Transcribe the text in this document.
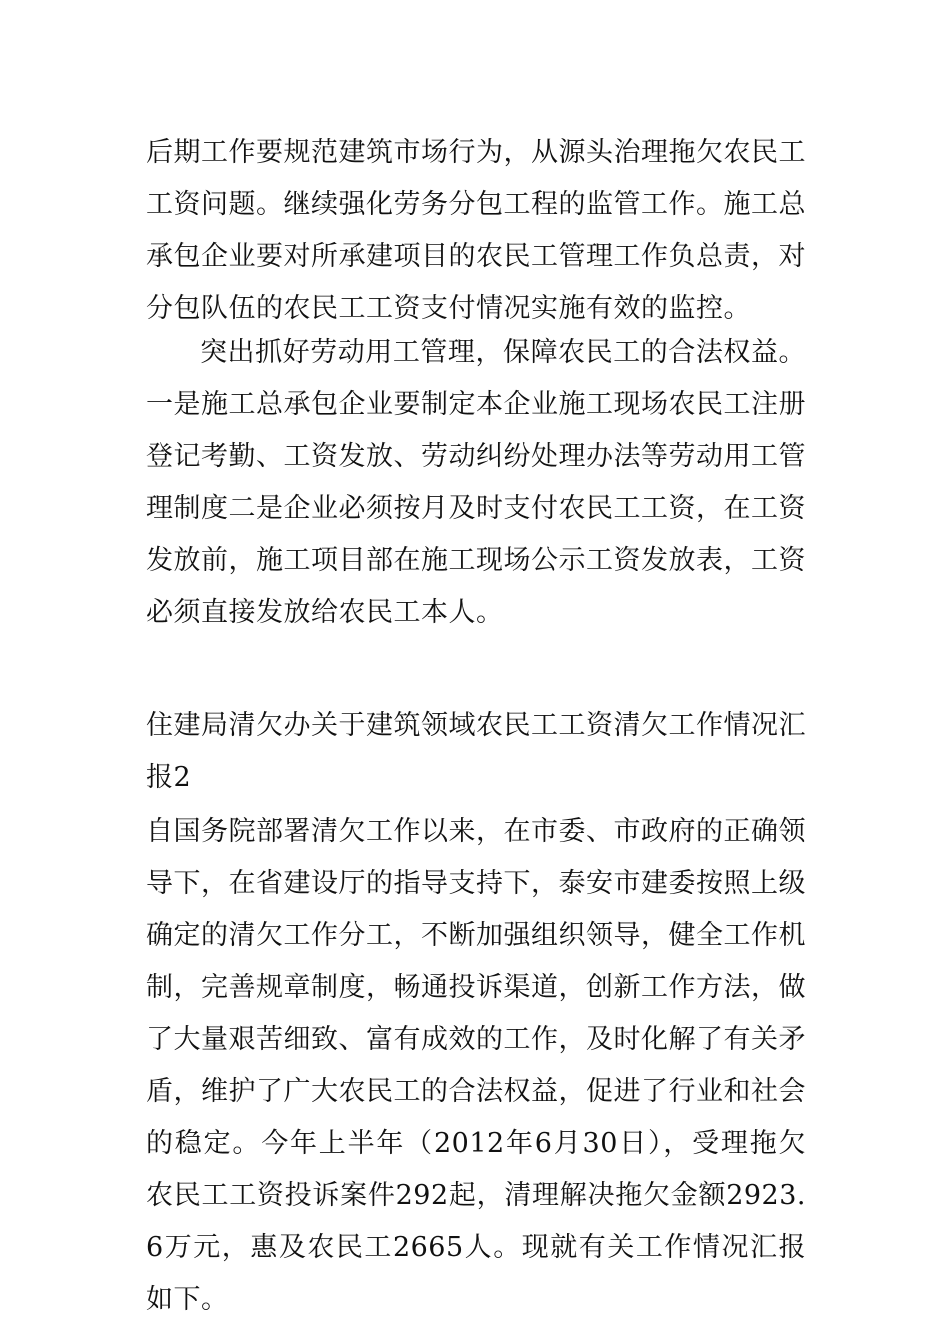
后期工作要规范建筑市场行为，从源头治理拖欠农民工工资问题。继续强化劳务分包工程的监管工作。施工总承包企业要对所承建项目的农民工管理工作负总责，对分包队伍的农民工工资支付情况实施有效的监控。

突出抓好劳动用工管理，保障农民工的合法权益。一是施工总承包企业要制定本企业施工现场农民工注册登记考勤、工资发放、劳动纠纷处理办法等劳动用工管理制度二是企业必须按月及时支付农民工工资，在工资发放前，施工项目部在施工现场公示工资发放表，工资必须直接发放给农民工本人。

住建局清欠办关于建筑领域农民工工资清欠工作情况汇报2

自国务院部署清欠工作以来，在市委、市政府的正确领导下，在省建设厅的指导支持下，泰安市建委按照上级确定的清欠工作分工，不断加强组织领导，健全工作机制，完善规章制度，畅通投诉渠道，创新工作方法，做了大量艰苦细致、富有成效的工作，及时化解了有关矛盾，维护了广大农民工的合法权益，促进了行业和社会的稳定。今年上半年（2012年6月30日），受理拖欠农民工工资投诉案件292起，清理解决拖欠金额2923.6万元，惠及农民工2665人。现就有关工作情况汇报如下。
